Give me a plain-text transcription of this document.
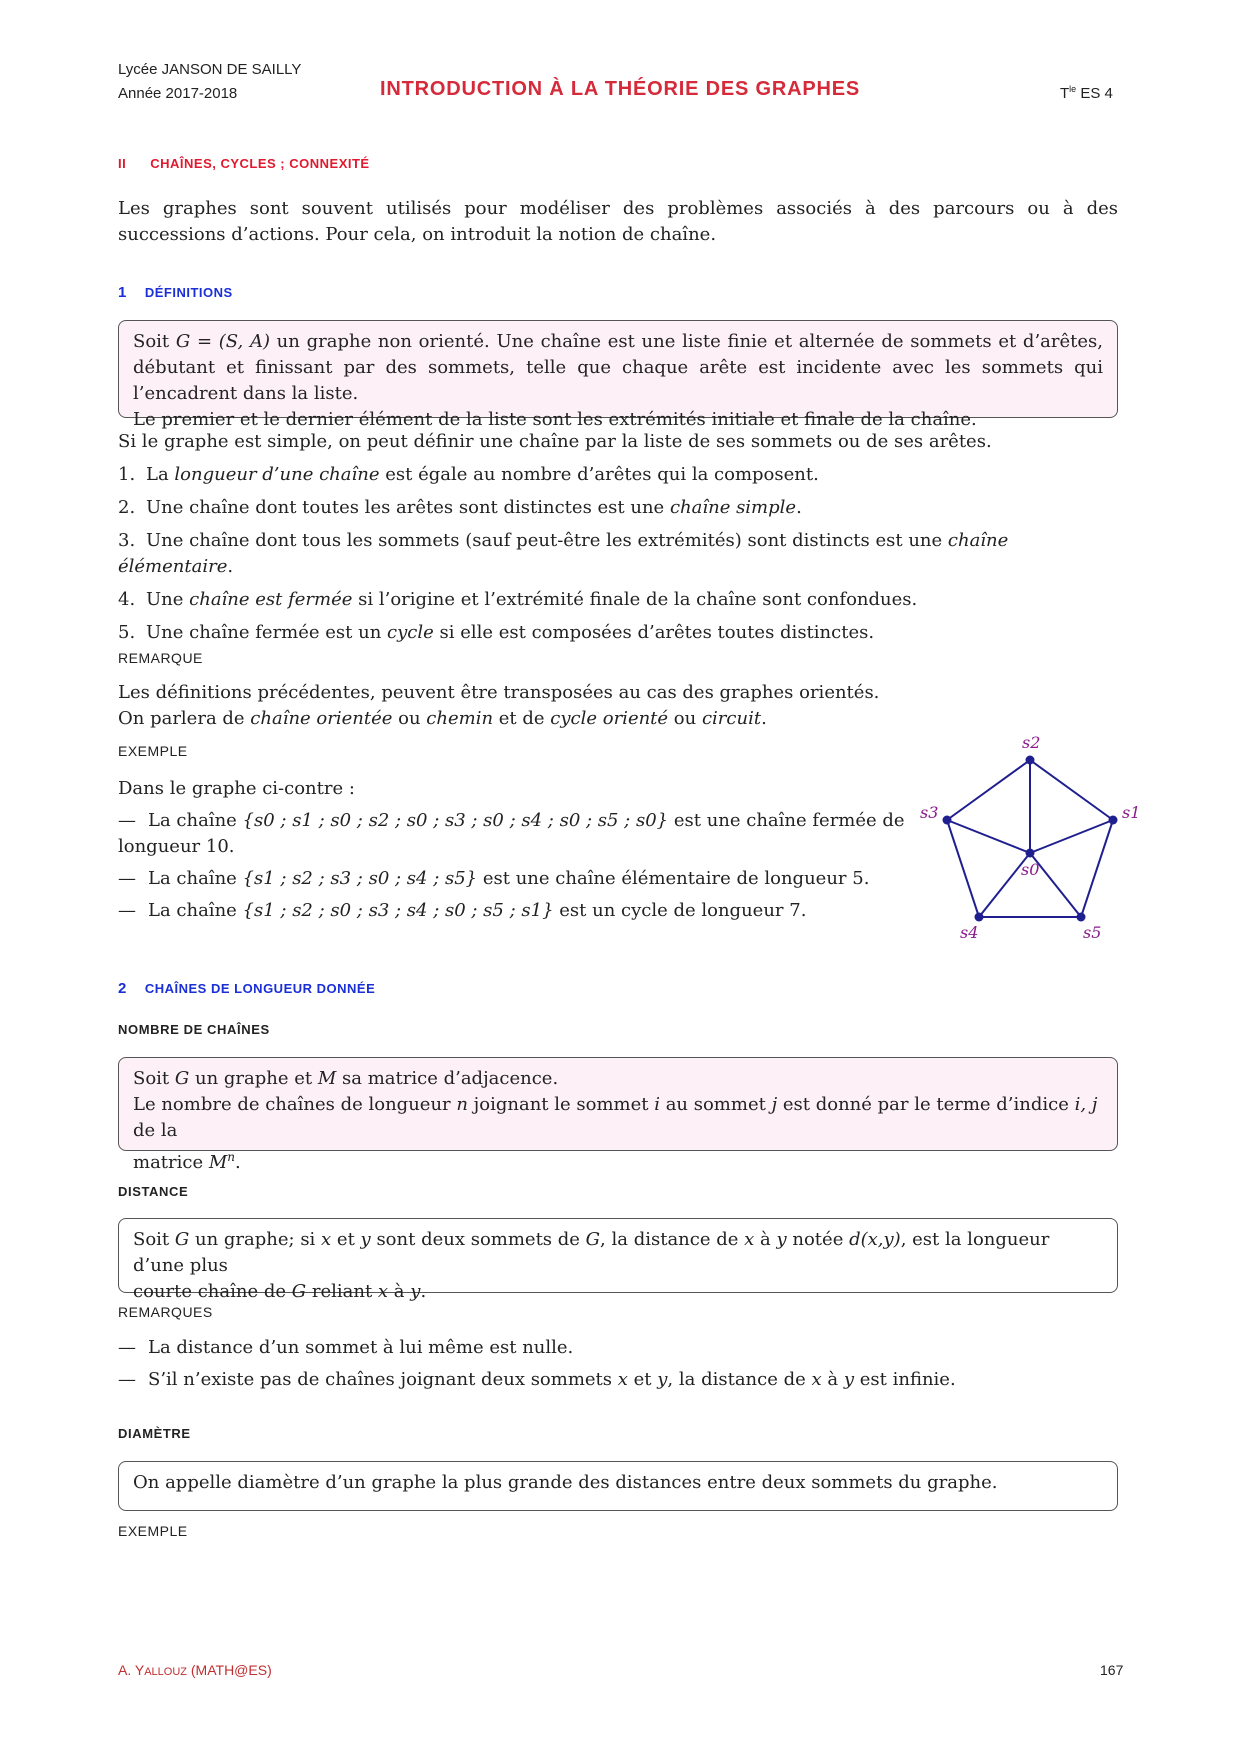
Lycée JANSON DE SAILLY
Année 2017-2018	INTRODUCTION À LA THÉORIE DES GRAPHES	$T^{le}$ ES 4
II CHAÎNES, CYCLES ; CONNEXITÉ
Les graphes sont souvent utilisés pour modéliser des problèmes associés à des parcours ou à des successions d’actions. Pour cela, on introduit la notion de chaîne.
1 DÉFINITIONS
Soit G = (S, A) un graphe non orienté. Une chaîne est une liste finie et alternée de sommets et d’arêtes, débutant et finissant par des sommets, telle que chaque arête est incidente avec les sommets qui l’encadrent dans la liste.
Le premier et le dernier élément de la liste sont les extrémités initiale et finale de la chaîne.
Si le graphe est simple, on peut définir une chaîne par la liste de ses sommets ou de ses arêtes.
1. La longueur d’une chaîne est égale au nombre d’arêtes qui la composent.
2. Une chaîne dont toutes les arêtes sont distinctes est une chaîne simple.
3. Une chaîne dont tous les sommets (sauf peut-être les extrémités) sont distincts est une chaîne élémentaire.
4. Une chaîne est fermée si l’origine et l’extrémité finale de la chaîne sont confondues.
5. Une chaîne fermée est un cycle si elle est composées d’arêtes toutes distinctes.
REMARQUE
Les définitions précédentes, peuvent être transposées au cas des graphes orientés.
On parlera de chaîne orientée ou chemin et de cycle orienté ou circuit.
EXEMPLE
Dans le graphe ci-contre :
— La chaîne {s0 ; s1 ; s0 ; s2 ; s0 ; s3 ; s0 ; s4 ; s0 ; s5 ; s0} est une chaîne fermée de longueur 10.
— La chaîne {s1 ; s2 ; s3 ; s0 ; s4 ; s5} est une chaîne élémentaire de longueur 5.
— La chaîne {s1 ; s2 ; s0 ; s3 ; s4 ; s0 ; s5 ; s1} est un cycle de longueur 7.
s2
s1
s3
s0
s4	s5
2 CHAÎNES DE LONGUEUR DONNÉE
NOMBRE DE CHAÎNES
Soit G un graphe et M sa matrice d’adjacence.
Le nombre de chaînes de longueur n joignant le sommet i au sommet j est donné par le terme d’indice i, j de la
matrice $M^n$.
DISTANCE
Soit G un graphe; si x et y sont deux sommets de G, la distance de x à y notée d(x,y), est la longueur d’une plus
courte chaîne de G reliant x à y.
REMARQUES
— La distance d’un sommet à lui même est nulle.
— S’il n’existe pas de chaînes joignant deux sommets x et y, la distance de x à y est infinie.
DIAMÈTRE
On appelle diamètre d’un graphe la plus grande des distances entre deux sommets du graphe.
EXEMPLE
A. YALLOUZ (MATH@ES)	167
